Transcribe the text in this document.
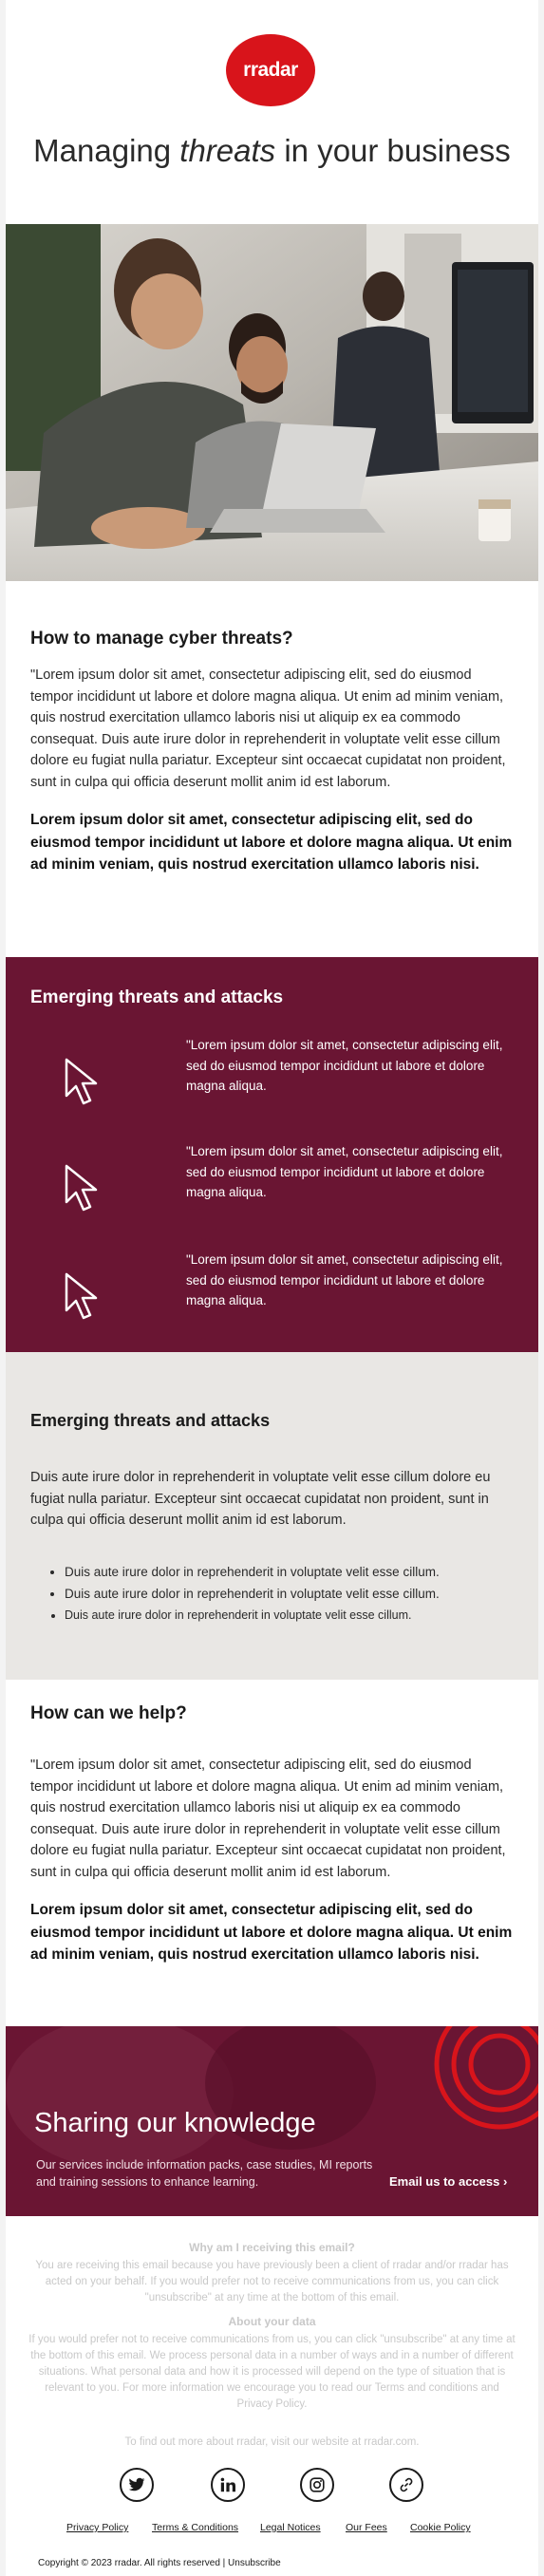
rradar
Managing threats in your business
How to manage cyber threats?

"Lorem ipsum dolor sit amet, consectetur adipiscing elit, sed do eiusmod tempor incididunt ut labore et dolore magna aliqua. Ut enim ad minim veniam, quis nostrud exercitation ullamco laboris nisi ut aliquip ex ea commodo consequat. Duis aute irure dolor in reprehenderit in voluptate velit esse cillum dolore eu fugiat nulla pariatur. Excepteur sint occaecat cupidatat non proident, sunt in culpa qui officia deserunt mollit anim id est laborum.

Lorem ipsum dolor sit amet, consectetur adipiscing elit, sed do eiusmod tempor incididunt ut labore et dolore magna aliqua. Ut enim ad minim veniam, quis nostrud exercitation ullamco laboris nisi.

Emerging threats and attacks

"Lorem ipsum dolor sit amet, consectetur adipiscing elit, sed do eiusmod tempor incididunt ut labore et dolore magna aliqua.

"Lorem ipsum dolor sit amet, consectetur adipiscing elit, sed do eiusmod tempor incididunt ut labore et dolore magna aliqua.

"Lorem ipsum dolor sit amet, consectetur adipiscing elit, sed do eiusmod tempor incididunt ut labore et dolore magna aliqua.

Emerging threats and attacks

Duis aute irure dolor in reprehenderit in voluptate velit esse cillum dolore eu fugiat nulla pariatur. Excepteur sint occaecat cupidatat non proident, sunt in culpa qui officia deserunt mollit anim id est laborum.

• Duis aute irure dolor in reprehenderit in voluptate velit esse cillum.
• Duis aute irure dolor in reprehenderit in voluptate velit esse cillum.
• Duis aute irure dolor in reprehenderit in voluptate velit esse cillum.
How can we help?

"Lorem ipsum dolor sit amet, consectetur adipiscing elit, sed do eiusmod tempor incididunt ut labore et dolore magna aliqua. Ut enim ad minim veniam, quis nostrud exercitation ullamco laboris nisi ut aliquip ex ea commodo consequat. Duis aute irure dolor in reprehenderit in voluptate velit esse cillum dolore eu fugiat nulla pariatur. Excepteur sint occaecat cupidatat non proident, sunt in culpa qui officia deserunt mollit anim id est laborum.

Lorem ipsum dolor sit amet, consectetur adipiscing elit, sed do eiusmod tempor incididunt ut labore et dolore magna aliqua. Ut enim ad minim veniam, quis nostrud exercitation ullamco laboris nisi.

Sharing our knowledge

Our services include information packs, case studies, MI reports and training sessions to enhance learning.	Email us to access ›
Why am I receiving this email?

You are receiving this email because you have previously been a client of rradar and/or rradar has acted on your behalf. If you would prefer not to receive communications from us, you can click "unsubscribe" at any time at the bottom of this email.

About your data

If you would prefer not to receive communications from us, you can click "unsubscribe" at any time at the bottom of this email. We process personal data in a number of ways and in a number of different situations. What personal data and how it is processed will depend on the type of situation that is relevant to you. For more information we encourage you to read our Terms and conditions and Privacy Policy.

To find out more about rradar, visit our website at rradar.com.

Privacy Policy Terms & Conditions Legal Notices	Our Fees Cookie Policy
Copyright © 2023 rradar. All rights reserved | Unsubscribe
